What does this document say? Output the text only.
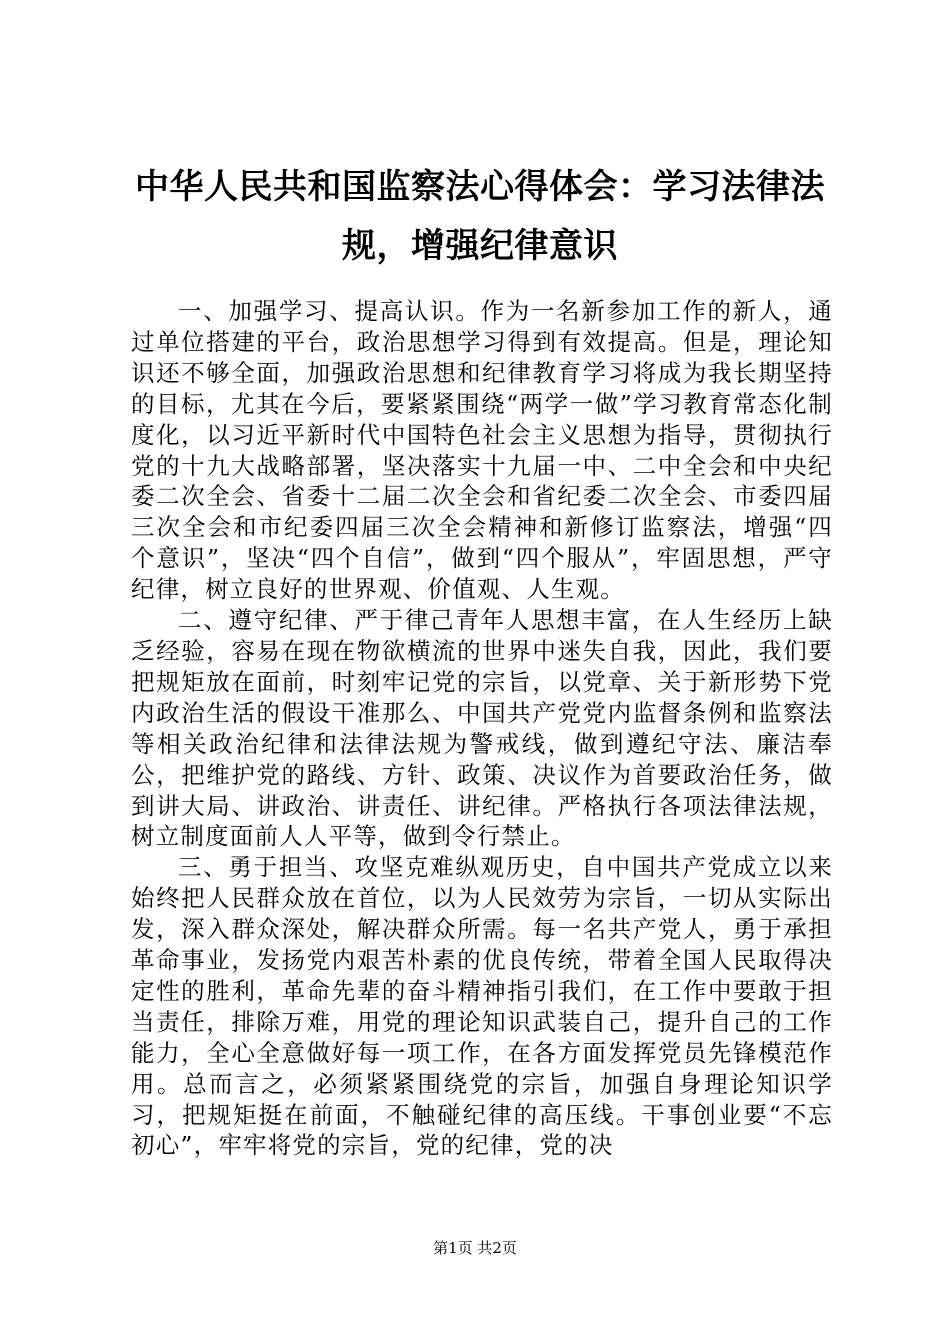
中华人民共和国监察法心得体会：学习法律法规，增强纪律意识

一、加强学习、提高认识。作为一名新参加工作的新人，通过单位搭建的平台，政治思想学习得到有效提高。但是，理论知识还不够全面，加强政治思想和纪律教育学习将成为我长期坚持的目标，尤其在今后，要紧紧围绕“两学一做”学习教育常态化制度化，以习近平新时代中国特色社会主义思想为指导，贯彻执行党的十九大战略部署，坚决落实十九届一中、二中全会和中央纪委二次全会、省委十二届二次全会和省纪委二次全会、市委四届三次全会和市纪委四届三次全会精神和新修订监察法，增强“四个意识”，坚决“四个自信”，做到“四个服从”，牢固思想，严守纪律，树立良好的世界观、价值观、人生观。

二、遵守纪律、严于律己青年人思想丰富，在人生经历上缺乏经验，容易在现在物欲横流的世界中迷失自我，因此，我们要把规矩放在面前，时刻牢记党的宗旨，以党章、关于新形势下党内政治生活的假设干准那么、中国共产党党内监督条例和监察法等相关政治纪律和法律法规为警戒线，做到遵纪守法、廉洁奉公，把维护党的路线、方针、政策、决议作为首要政治任务，做到讲大局、讲政治、讲责任、讲纪律。严格执行各项法律法规，树立制度面前人人平等，做到令行禁止。

三、勇于担当、攻坚克难纵观历史，自中国共产党成立以来始终把人民群众放在首位，以为人民效劳为宗旨，一切从实际出发，深入群众深处，解决群众所需。每一名共产党人，勇于承担革命事业，发扬党内艰苦朴素的优良传统，带着全国人民取得决定性的胜利，革命先辈的奋斗精神指引我们，在工作中要敢于担当责任，排除万难，用党的理论知识武装自己，提升自己的工作能力，全心全意做好每一项工作，在各方面发挥党员先锋模范作用。总而言之，必须紧紧围绕党的宗旨，加强自身理论知识学习，把规矩挺在前面，不触碰纪律的高压线。干事创业要“不忘初心”，牢牢将党的宗旨，党的纪律，党的决

第1页 共2页
